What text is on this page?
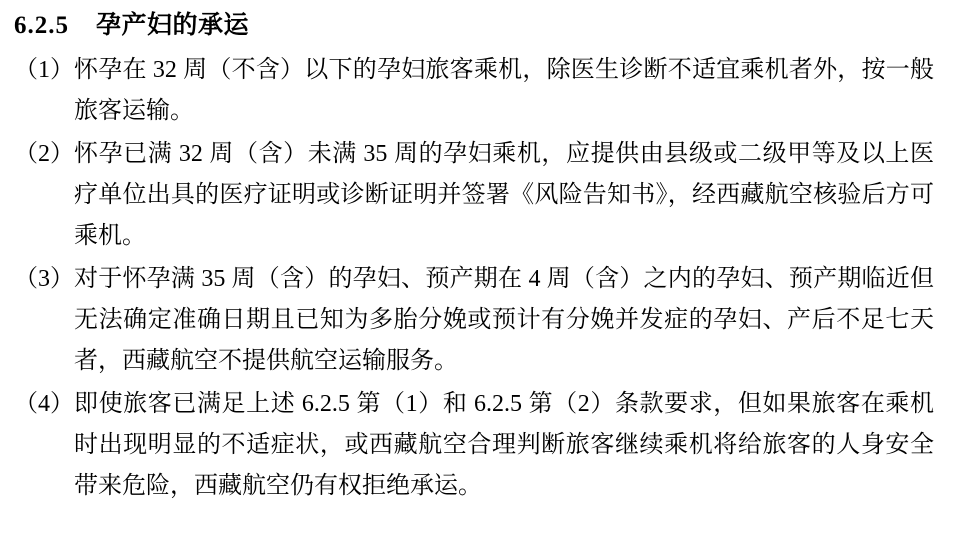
6.2.5 孕产妇的承运
（1） 怀孕在 32 周（不含）以下的孕妇旅客乘机，除医生诊断不适宜乘机者外，按一般旅客运输。
（2） 怀孕已满 32 周（含）未满 35 周的孕妇乘机，应提供由县级或二级甲等及以上医疗单位出具的医疗证明或诊断证明并签署《风险告知书》，经西藏航空核验后方可乘机。
（3） 对于怀孕满 35 周（含）的孕妇、预产期在 4 周（含）之内的孕妇、预产期临近但无法确定准确日期且已知为多胎分娩或预计有分娩并发症的孕妇、产后不足七天者，西藏航空不提供航空运输服务。
（4） 即使旅客已满足上述 6.2.5 第（1）和 6.2.5 第（2）条款要求，但如果旅客在乘机时出现明显的不适症状，或西藏航空合理判断旅客继续乘机将给旅客的人身安全带来危险，西藏航空仍有权拒绝承运。
